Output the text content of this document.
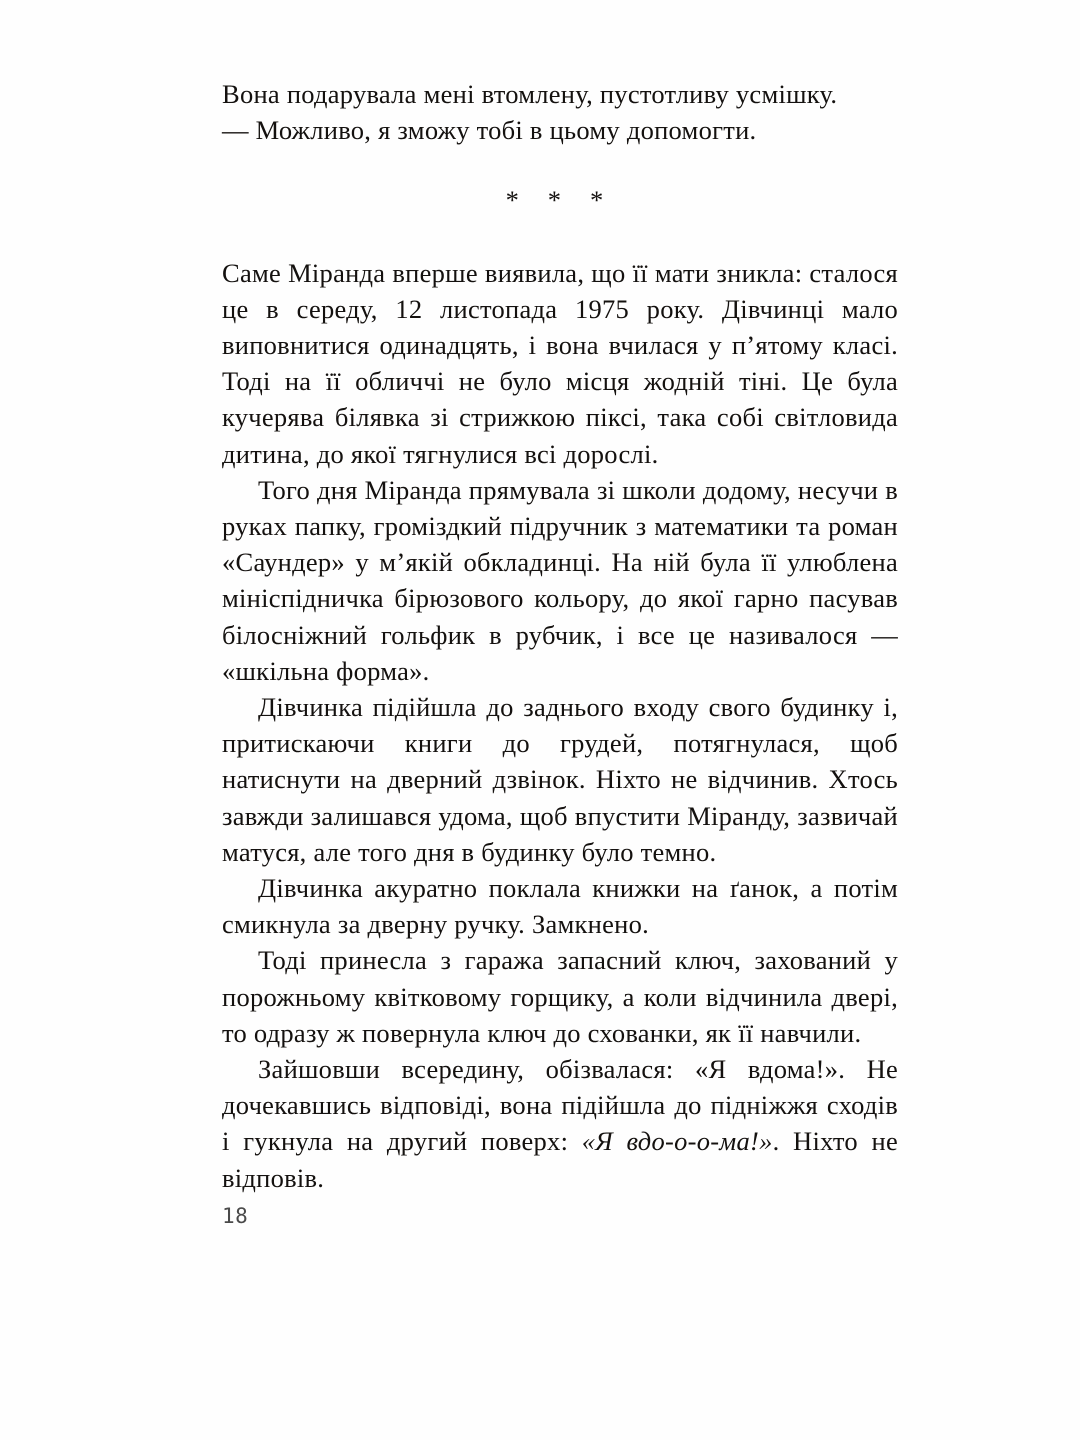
Вона подарувала мені втомлену, пустотливу усмішку.

— Можливо, я зможу тобі в цьому допомогти.

* * *

Саме Міранда вперше виявила, що її мати зникла: сталося це в середу, 12 листопада 1975 року. Дівчинці мало виповнитися одинадцять, і вона вчилася у п’ятому класі. Тоді на її обличчі не було місця жодній тіні. Це була кучерява білявка зі стрижкою піксі, така собі світловида дитина, до якої тягнулися всі дорослі.

Того дня Міранда прямувала зі школи додому, несучи в руках папку, громіздкий підручник з математики та роман «Саундер» у м’якій обкладинці. На ній була її улюблена мініспідничка бірюзового кольору, до якої гарно пасував білосніжний гольфик в рубчик, і все це називалося — «шкільна форма».

Дівчинка підійшла до заднього входу свого будинку і, притискаючи книги до грудей, потягнулася, щоб натиснути на дверний дзвінок. Ніхто не відчинив. Хтось завжди залишався удома, щоб впустити Міранду, зазвичай матуся, але того дня в будинку було темно.

Дівчинка акуратно поклала книжки на ґанок, а потім смикнула за дверну ручку. Замкнено.

Тоді принесла з гаража запасний ключ, захований у порожньому квітковому горщику, а коли відчинила двері, то одразу ж повернула ключ до схованки, як її навчили.

Зайшовши всередину, обізвалася: «Я вдома!». Не дочекавшись відповіді, вона підійшла до підніжжя сходів і гукнула на другий поверх: «Я вдо-о-о-ма!». Ніхто не відповів.

18
